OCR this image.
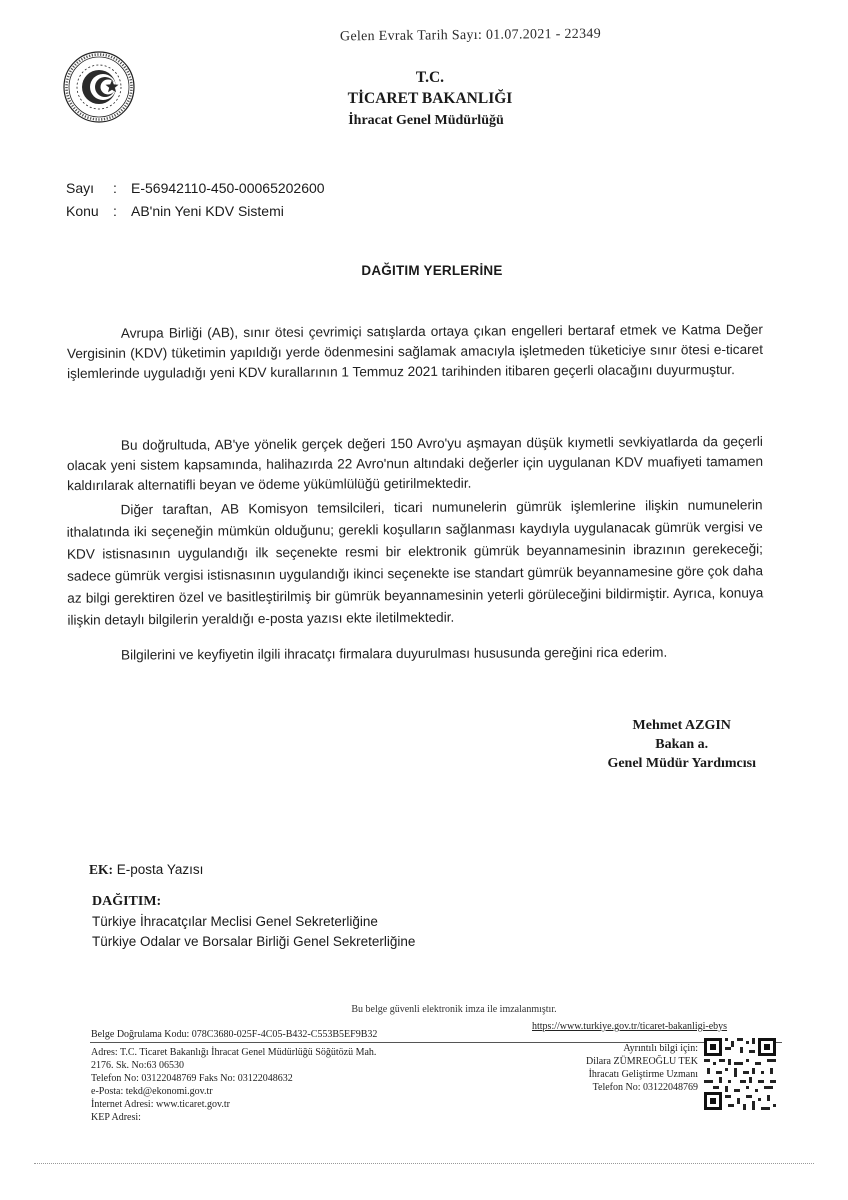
Gelen Evrak Tarih Sayı: 01.07.2021 - 22349
T.C.
TİCARET BAKANLIĞI
İhracat Genel Müdürlüğü
Sayı : E-56942110-450-00065202600
Konu : AB'nin Yeni KDV Sistemi
DAĞITIM YERLERİNE
Avrupa Birliği (AB), sınır ötesi çevrimiçi satışlarda ortaya çıkan engelleri bertaraf etmek ve Katma Değer Vergisinin (KDV) tüketimin yapıldığı yerde ödenmesini sağlamak amacıyla işletmeden tüketiciye sınır ötesi e-ticaret işlemlerinde uyguladığı yeni KDV kurallarının 1 Temmuz 2021 tarihinden itibaren geçerli olacağını duyurmuştur.
Bu doğrultuda, AB'ye yönelik gerçek değeri 150 Avro'yu aşmayan düşük kıymetli sevkiyatlarda da geçerli olacak yeni sistem kapsamında, halihazırda 22 Avro'nun altındaki değerler için uygulanan KDV muafiyeti tamamen kaldırılarak alternatifli beyan ve ödeme yükümlülüğü getirilmektedir.
Diğer taraftan, AB Komisyon temsilcileri, ticari numunelerin gümrük işlemlerine ilişkin numunelerin ithalatında iki seçeneğin mümkün olduğunu; gerekli koşulların sağlanması kaydıyla uygulanacak gümrük vergisi ve KDV istisnasının uygulandığı ilk seçenekte resmi bir elektronik gümrük beyannamesinin ibrazının gerekeceği; sadece gümrük vergisi istisnasının uygulandığı ikinci seçenekte ise standart gümrük beyannamesine göre çok daha az bilgi gerektiren özel ve basitleştirilmiş bir gümrük beyannamesinin yeterli görüleceğini bildirmiştir. Ayrıca, konuya ilişkin detaylı bilgilerin yeraldığı e-posta yazısı ekte iletilmektedir.
Bilgilerini ve keyfiyetin ilgili ihracatçı firmalara duyurulması hususunda gereğini rica ederim.
Mehmet AZGIN
Bakan a.
Genel Müdür Yardımcısı
EK: E-posta Yazısı
DAĞITIM:
Türkiye İhracatçılar Meclisi Genel Sekreterliğine
Türkiye Odalar ve Borsalar Birliği Genel Sekreterliğine
Bu belge güvenli elektronik imza ile imzalanmıştır.
Belge Doğrulama Kodu: 078C3680-025F-4C05-B432-C553B5EF9B32
https://www.turkiye.gov.tr/ticaret-bakanligi-ebys
Adres: T.C. Ticaret Bakanlığı İhracat Genel Müdürlüğü Söğütözü Mah.
2176. Sk. No:63 06530
Telefon No: 03122048769 Faks No: 03122048632
e-Posta: tekd@ekonomi.gov.tr
İnternet Adresi: www.ticaret.gov.tr
KEP Adresi:
Ayrıntılı bilgi için:
Dilara ZÜMREOĞLU TEK
İhracatı Geliştirme Uzmanı
Telefon No: 03122048769
